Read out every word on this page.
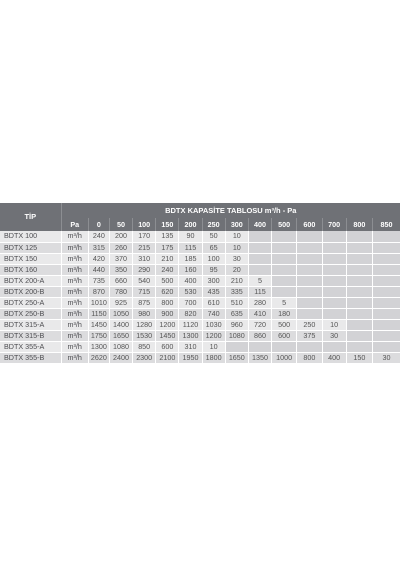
TİP	BDTX KAPASİTE TABLOSU m³/h - Pa													
	Pa	0	50	100	150	200	250	300	400	500	600	700	800	850
BDTX 100	m³/h	240	200	170	135	90	50	10						
BDTX 125	m³/h	315	260	215	175	115	65	10						
BDTX 150	m³/h	420	370	310	210	185	100	30						
BDTX 160	m³/h	440	350	290	240	160	95	20						
BDTX 200-A	m³/h	735	660	540	500	400	300	210	5					
BDTX 200-B	m³/h	870	780	715	620	530	435	335	115					
BDTX 250-A	m³/h	1010	925	875	800	700	610	510	280	5				
BDTX 250-B	m³/h	1150	1050	980	900	820	740	635	410	180				
BDTX 315-A	m³/h	1450	1400	1280	1200	1120	1030	960	720	500	250	10		
BDTX 315-B	m³/h	1750	1650	1530	1450	1300	1200	1080	860	600	375	30		
BDTX 355-A	m³/h	1300	1080	850	600	310	10							
BDTX 355-B	m³/h	2620	2400	2300	2100	1950	1800	1650	1350	1000	800	400	150	30
